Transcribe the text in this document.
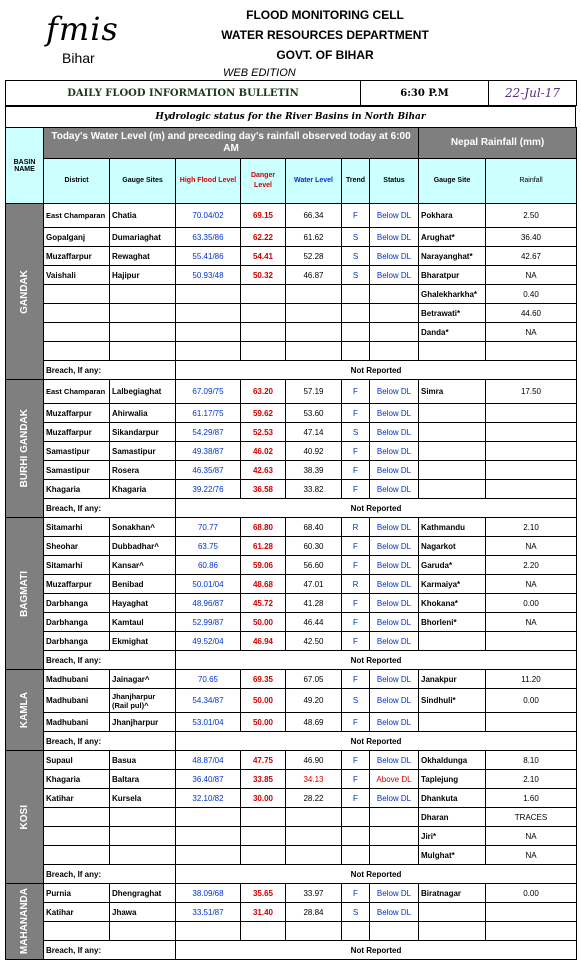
fmis
Bihar
FLOOD MONITORING CELL
WATER RESOURCES DEPARTMENT
GOVT. OF BIHAR
WEB EDITION
DAILY FLOOD INFORMATION BULLETIN	6:30 P.M	22-Jul-17
Hydrologic status for the River Basins in North Bihar
BASIN NAME	Today's Water Level (m) and preceding day's rainfall observed today at 6:00 AM							Nepal Rainfall (mm)	
	District	Gauge Sites	High Flood Level	Danger Level	Water Level	Trend	Status	Gauge Site	Rainfall

GANDAK	East Champaran	Chatia	70.04/02	69.15	66.34	F	Below DL	Pokhara	2.50
	Gopalganj	Dumariaghat	63.35/86	62.22	61.62	S	Below DL	Arughat*	36.40
	Muzaffarpur	Rewaghat	55.41/86	54.41	52.28	S	Below DL	Narayanghat*	42.67
	Vaishali	Hajipur	50.93/48	50.32	46.87	S	Below DL	Bharatpur	NA
								Ghalekharkha*	0.40
								Betrawati*	44.60
								Danda*	NA

	Breach, If any:		Not Reported						

BURHI GANDAK	East Champaran	Lalbegiaghat	67.09/75	63.20	57.19	F	Below DL	Simra	17.50
	Muzaffarpur	Ahirwalia	61.17/75	59.62	53.60	F	Below DL		
	Muzaffarpur	Sikandarpur	54.29/87	52.53	47.14	S	Below DL		
	Samastipur	Samastipur	49.38/87	46.02	40.92	F	Below DL		
	Samastipur	Rosera	46.35/87	42.63	38.39	F	Below DL		
	Khagaria	Khagaria	39.22/76	36.58	33.82	F	Below DL		
	Breach, If any:		Not Reported						

BAGMATI	Sitamarhi	Sonakhan^	70.77	68.80	68.40	R	Below DL	Kathmandu	2.10
	Sheohar	Dubbadhar^	63.75	61.28	60.30	F	Below DL	Nagarkot	NA
	Sitamarhi	Kansar^	60.86	59.06	56.60	F	Below DL	Garuda*	2.20
	Muzaffarpur	Benibad	50.01/04	48.68	47.01	R	Below DL	Karmaiya*	NA
	Darbhanga	Hayaghat	48.96/87	45.72	41.28	F	Below DL	Khokana*	0.00
	Darbhanga	Kamtaul	52.99/87	50.00	46.44	F	Below DL	Bhorleni*	NA
	Darbhanga	Ekmighat	49.52/04	46.94	42.50	F	Below DL		
	Breach, If any:		Not Reported						

KAMLA	Madhubani	Jainagar^	70.65	69.35	67.05	F	Below DL	Janakpur	11.20
	Madhubani	Jhanjharpur (Rail pul)^	54.34/87	50.00	49.20	S	Below DL	Sindhuli*	0.00
	Madhubani	Jhanjharpur	53.01/04	50.00	48.69	F	Below DL		
	Breach, If any:		Not Reported						

KOSI	Supaul	Basua	48.87/04	47.75	46.90	F	Below DL	Okhaldunga	8.10
	Khagaria	Baltara	36.40/87	33.85	34.13	F	Above DL	Taplejung	2.10
	Katihar	Kursela	32.10/82	30.00	28.22	F	Below DL	Dhankuta	1.60
								Dharan	TRACES
								Jiri*	NA
								Mulghat*	NA
	Breach, If any:		Not Reported						

MAHANANDA	Purnia	Dhengraghat	38.09/68	35.65	33.97	F	Below DL	Biratnagar	0.00
	Katihar	Jhawa	33.51/87	31.40	28.84	S	Below DL		

	Breach, If any:		Not Reported						
